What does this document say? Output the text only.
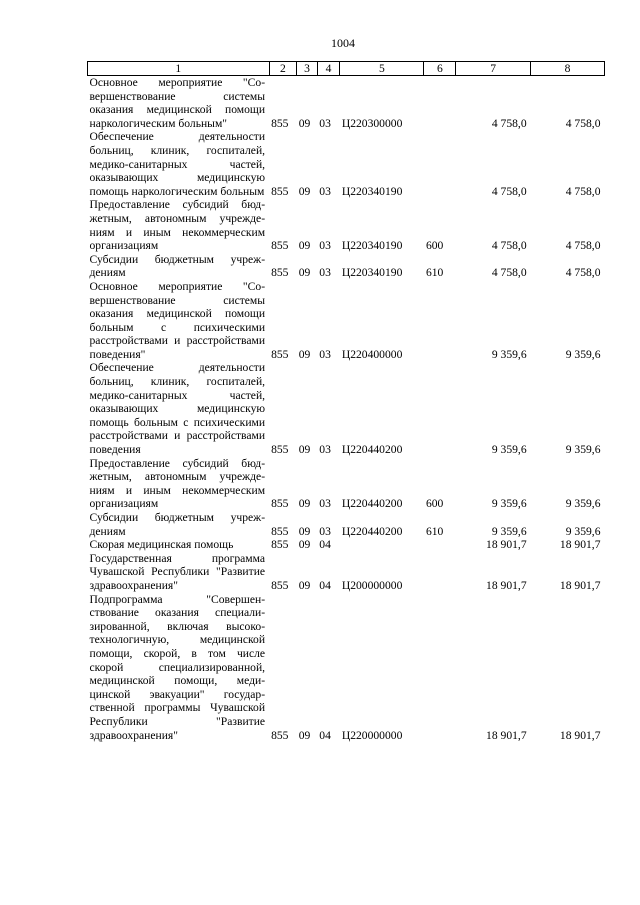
1004
1	2	3	4	5	6	7	8
Основное мероприятие "Совершенствование системы оказания медицинской помощи наркологическим больным"	855	09	03	Ц220300000		4 758,0	4 758,0
Обеспечение деятельности больниц, клиник, госпиталей, медико-санитарных частей, оказывающих медицинскую помощь наркологическим больным	855	09	03	Ц220340190		4 758,0	4 758,0
Предоставление субсидий бюджетным, автономным учреждениям и иным некоммерческим организациям	855	09	03	Ц220340190	600	4 758,0	4 758,0
Субсидии бюджетным учреждениям	855	09	03	Ц220340190	610	4 758,0	4 758,0
Основное мероприятие "Совершенствование системы оказания медицинской помощи больным с психическими расстройствами и расстройствами поведения"	855	09	03	Ц220400000		9 359,6	9 359,6
Обеспечение деятельности больниц, клиник, госпиталей, медико-санитарных частей, оказывающих медицинскую помощь больным с психическими расстройствами и расстройствами поведения	855	09	03	Ц220440200		9 359,6	9 359,6
Предоставление субсидий бюджетным, автономным учреждениям и иным некоммерческим организациям	855	09	03	Ц220440200	600	9 359,6	9 359,6
Субсидии бюджетным учреждениям	855	09	03	Ц220440200	610	9 359,6	9 359,6
Скорая медицинская помощь	855	09	04			18 901,7	18 901,7
Государственная программа Чувашской Республики "Развитие здравоохранения"	855	09	04	Ц200000000		18 901,7	18 901,7
Подпрограмма "Совершенствование оказания специализированной, включая высокотехнологичную, медицинской помощи, скорой, в том числе скорой специализированной, медицинской помощи, медицинской эвакуации" государственной программы Чувашской Республики "Развитие здравоохранения"	855	09	04	Ц220000000		18 901,7	18 901,7
